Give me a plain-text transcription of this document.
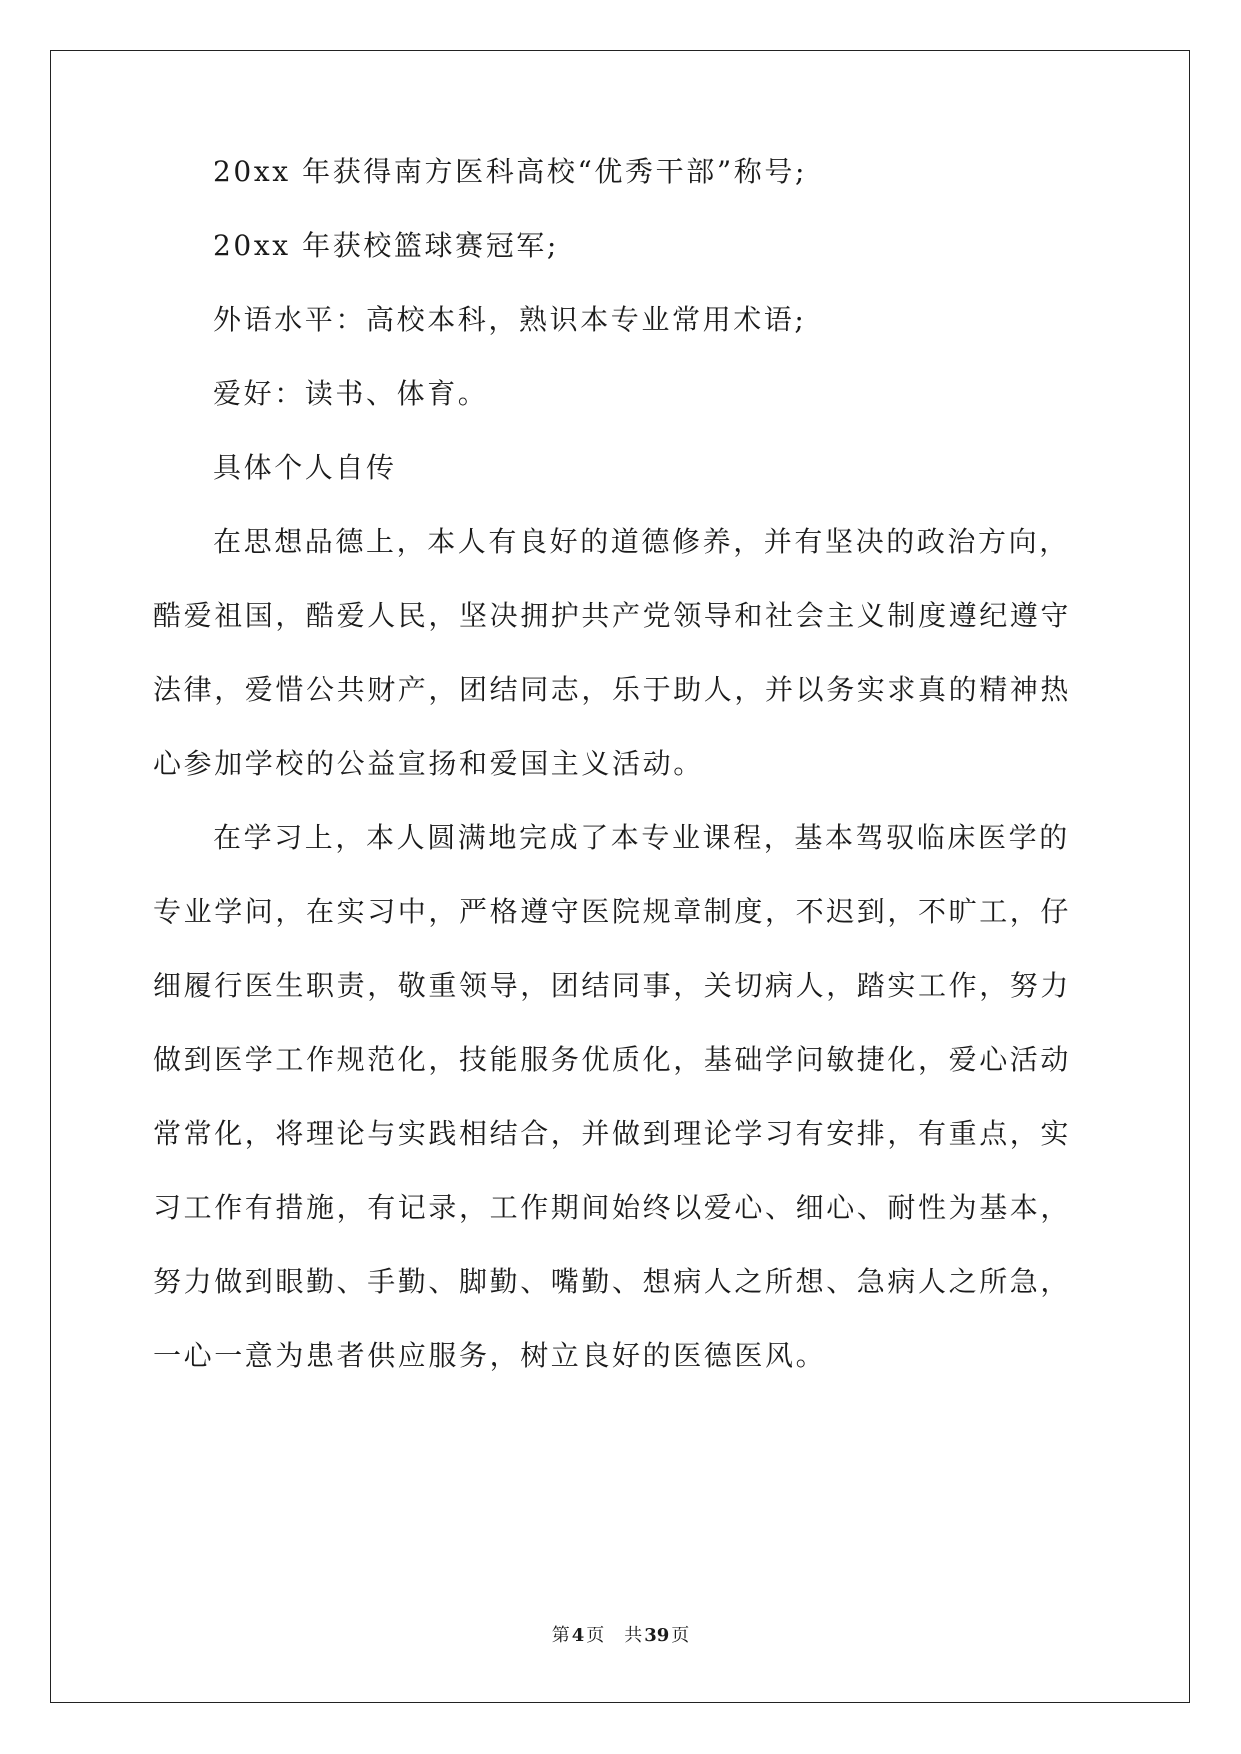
20xx 年获得南方医科高校“优秀干部”称号;
20xx 年获校篮球赛冠军;
外语水平：高校本科，熟识本专业常用术语;
爱好：读书、体育。
具体个人自传
在思想品德上，本人有良好的道德修养，并有坚决的政治方向，
酷爱祖国，酷爱人民，坚决拥护共产党领导和社会主义制度遵纪遵守
法律，爱惜公共财产，团结同志，乐于助人，并以务实求真的精神热
心参加学校的公益宣扬和爱国主义活动。
在学习上，本人圆满地完成了本专业课程，基本驾驭临床医学的
专业学问，在实习中，严格遵守医院规章制度，不迟到，不旷工，仔
细履行医生职责，敬重领导，团结同事，关切病人，踏实工作，努力
做到医学工作规范化，技能服务优质化，基础学问敏捷化，爱心活动
常常化，将理论与实践相结合，并做到理论学习有安排，有重点，实
习工作有措施，有记录，工作期间始终以爱心、细心、耐性为基本，
努力做到眼勤、手勤、脚勤、嘴勤、想病人之所想、急病人之所急，
一心一意为患者供应服务，树立良好的医德医风。
第 4 页 共 39 页
